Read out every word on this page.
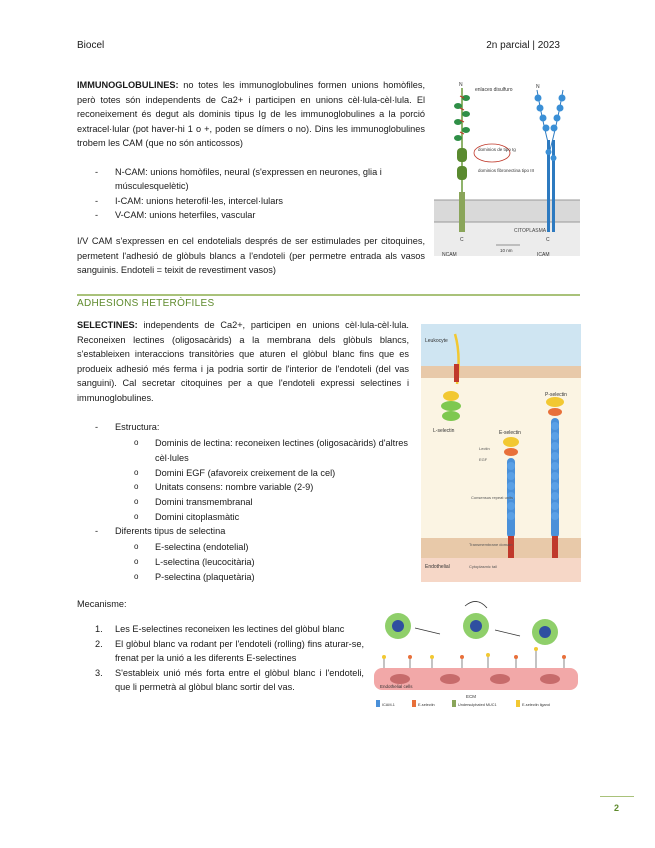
Biocel	2n parcial | 2023
IMMUNOGLOBULINES: no totes les immunoglobulines formen unions homòfiles, però totes són independents de Ca2+ i participen en unions cèl·lula-cèl·lula. El reconeixement és degut als dominis tipus Ig de les immunoglobulines a la porció extracel·lular (pot haver-hi 1 o +, poden se dímers o no). Dins les immunoglobulines trobem les CAM (que no són anticossos)
- N-CAM: unions homòfiles, neural (s'expressen en neurones, glia i músculesquelètic)
- I-CAM: unions heterofil·les, intercel·lulars
- V-CAM: unions heterfiles, vascular
I/V CAM s'expressen en cel endotelials després de ser estimulades per citoquines, permetent l'adhesió de glòbuls blancs a l'endoteli (per permetre entrada als vasos sanguinis. Endoteli = teixit de revestiment vasos)
CITOPLASMA
enlaces disulfuro
dominios de tipo Ig
dominios fibronectina tipo III
N	N
C	C
10 nm
NCAM	ICAM
ADHESIONS HETERÒFILES
SELECTINES: independents de Ca2+, participen en unions cèl·lula-cèl·lula. Reconeixen lectines (oligosacàrids) a la membrana dels glòbuls blancs, s'estableixen interaccions transitòries que aturen el glòbul blanc fins que es produeix adhesió més ferma i ja podria sortir de l'interior de l'endoteli (del vas sanguini). Cal secretar citoquines per a que l'endoteli expressi selectines i immunoglobulines.
- Estructura:
o Dominis de lectina: reconeixen lectines (oligosacàrids) d'altres cèl·lules
o Domini EGF (afavoreix creixement de la cel)
o Unitats consens: nombre variable (2-9)
o Domini transmembranal
o Domini citoplasmàtic
- Diferents tipus de selectina
o E-selectina (endotelial)
o L-selectina (leucocitària)
o P-selectina (plaquetària)
Leukocyte
Endothelial
L-selectin	E-selectin
Lectin
EGF
Consensus repeat units
Transmembrane domain
Cytoplasmic tail
P-selectin
Mecanisme:
1. Les E-selectines reconeixen les lectines del glòbul blanc
2. El glòbul blanc va rodant per l'endoteli (rolling) fins aturar-se, frenat per la unió a les diferents E-selectines
3. S'estableix unió més forta entre el glòbul blanc i l'endoteli, que li permetrà al glòbul blanc sortir del vas.	Endothelial cells
ECM
ICAM-1	E-selectin	Undersulphated MUC1	E-selectin ligand
2
